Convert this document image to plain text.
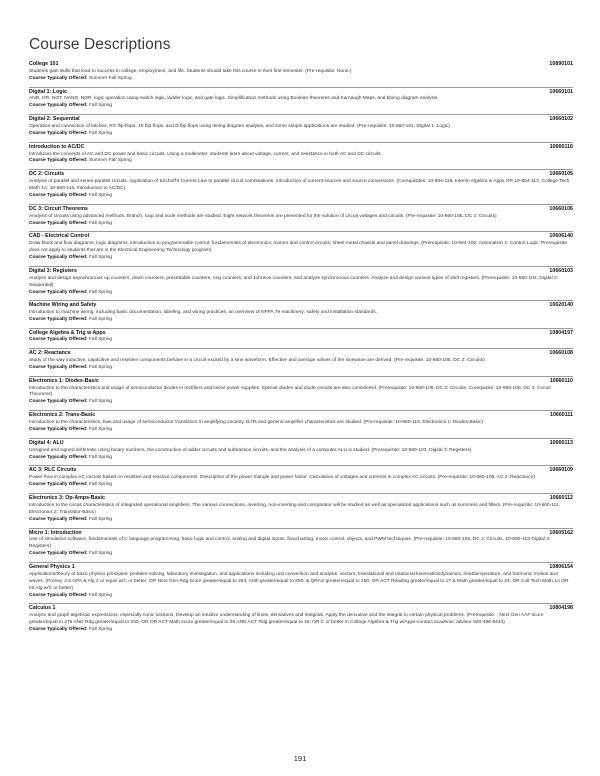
Course Descriptions
College 101	10890101
Students gain skills that lead to success in college, employment, and life. Students should take this course in their first semester. (Pre-requisite: None.)
Course Typically Offered: Summer Fall Spring
Digital 1: Logic	10660101
AND, OR, NOT, NAND, NOR, logic operation using switch logic, ladder logic, and gate logic. Simplification methods using Boolean theorems and Karnaugh Maps, and timing diagram analysis.
Course Typically Offered: Fall Spring
Digital 2: Sequential	10660102
Operation and connection of latches, RS flip-flops, JK flip-flops, and D flip-flops using timing diagram analysis, and some simple applications are studied. (Pre-requisite: 10-660-101, Digital 1: Logic)
Course Typically Offered: Fall Spring
Introduction to AC/DC	10660116
Introduces the concepts of AC and DC power and basic circuits. Using a multimeter, students learn about voltage, current, and resistance in both AC and DC circuits.
Course Typically Offered: Summer Fall Spring
DC 2: Circuits	10660105
Analysis of parallel and series-parallel circuits. Application of Kirchoff's Current Law to parallel circuit combinations. Introduction of current sources and source conversions. (Corequisites: 10-804-118, Interim Algebra w Apps OR 10-804-113, College Tech Math 1A; 10-660-116, Introduction to AC/DC)
Course Typically Offered: Fall Spring
DC 3: Circuit Theorems	10660106
Analysis of circuits using advanced methods. Branch, loop and node methods are studied. Eight network theorems are presented for the solution of circuit voltages and circuits. (Pre-requisite: 10-660-105, DC 2: Circuits)
Course Typically Offered: Fall Spring
CAD - Electrical Control	10606140
Draw block and flow diagrams, logic diagrams, introduction to programmable control; fundamentals of electronics; motors and control circuits; sheet metal chassis and panel drawings. (Prerequisite: 10-664-100, Automation 1: Control Logic; Prerequisite does not apply to students that are in the Electrical Engineering Technology program)
Course Typically Offered: Fall Spring
Digital 3: Registers	10660103
Analyze and design asynchronous up counters, down counters, presettable counters, ring counters, and Johnson counters, and analyze synchronous counters. Analyze and design various types of shift registers. (Prerequisite: 10-660-102, Digital 2: Sequential)
Course Typically Offered: Fall Spring
Machine Wiring and Safety	10620140
Introduction to machine wiring, including basic documentation, labeling, and wiring practices; an overview of NFPA 79 machinery; safety and installation standards.
Course Typically Offered: Fall Spring
College Algebra & Trig w Apps	10804197
Course Typically Offered: Fall Spring
AC 2: Reactance	10660108
Study of the way inductive, capacitive and resistive components behave in a circuit excited by a sine waveform. Effective and average values of the sinewave are derived. (Pre-requisite: 10-660-105, DC 2: Circuits)
Course Typically Offered: Fall Spring
Electronics 1: Diodes-Basic	10660110
Introduction to the characteristics and usage of semiconductor diodes in rectifiers and linear power supplies. Special diodes and diode circuits are also considered. (Prerequisite: 10-660-105, DC 2: Circuits; Corequisite: 10-660-106, DC 3: Circuit Theorems)
Course Typically Offered: Fall Spring
Electronics 2: Trans-Basic	10660111
Introduction to the characteristics, bias and usage of semiconductor transistors in amplifying circuitry. BJTs and general amplifier characteristics are studied. (Pre-requisite: 10-660-110, Electronics 1: Diodes-Basic)
Course Typically Offered: Fall Spring
Digital 4: ALU	10660113
Unsigned and signed arithmetic using binary numbers, the construction of adder circuits and subtraction circuits, and the analysis of a computer ALU is studied. (Prerequisite: 10-660-103, Digital 3: Registers)
Course Typically Offered: Fall Spring
AC 3: RLC Circuits	10660109
Power flow in complex AC circuits based on resistive and reactive components. Description of the power triangle and power factor. Calculation of voltages and currents in complex AC circuits. (Pre-requisite: 10-660-108, AC 2: Reactance)
Course Typically Offered: Fall Spring
Electronics 3: Op-Amps-Basic	10660112
Introduction to the circuit characteristics of integrated operational amplifiers. The various connections, inverting, non-inverting and comparator will be studied as well as specialized applications such as summers and filters. (Pre-requisite: 10-660-111, Electronics 2: Transistor-Basic)
Course Typically Offered: Fall Spring
Micro 1: Introduction	10605162
Use of simulation software, fundamentals of C language programming, basic logic and control, analog and digital inputs, flowcharting, motor control, objects, and PWM techniques. (Pre-requisite: 10-660-105, DC 2: Circuits, 10-660-103 Digital 3: Registers)
Course Typically Offered: Fall Spring
General Physics 1	10806154
Applications/theory of basic physics principles: problem-solving, laboratory investigation, and applications including unit conversion and analysis, vectors, translational and rotational kinematics/dynamics, heat/temperature, and harmonic motion and waves. (Prereq: 2.6 GPA & Alg 2 or equiv w/C or better; OR Next Gen Rdg score greater/equal to 263, Arith greater/equal to 250, & QRAS greater/equal to 250; OR ACT Reading greater/equal to 17 & Math greater/equal to 24; OR Coll Tech Math 1A OR Int Alg w/C or better)
Course Typically Offered: Fall Spring
Calculus 1	10804198
Analyze and graph algebraic expressions, especially conic sections. Develop an intuitive understanding of limits, derivatives and integrals. Apply the derivative and the integral to certain physical problems. (Prerequisite: : Next Gen AAF score greater/equal to 276 AND Rdg greater/equal to 250; OR OR ACT Math score greater/equal to 28 AND ACT Rdg greater/equal to 16; OR C or better in College Algebra & Trig w/Apps-contact academic advisor 920-498-5444)
Course Typically Offered: Fall Spring
191
